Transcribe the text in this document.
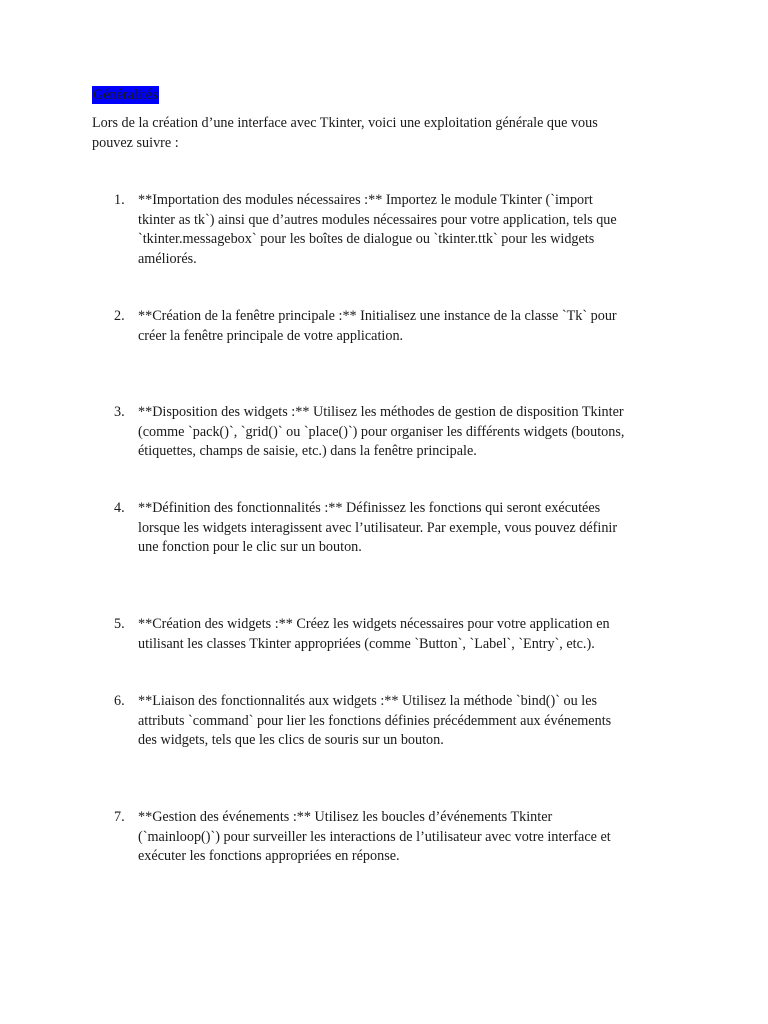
Généralités

Lors de la création d’une interface avec Tkinter, voici une exploitation générale que vous
pouvez suivre :

1. **Importation des modules nécessaires :** Importez le module Tkinter (`import
tkinter as tk`) ainsi que d’autres modules nécessaires pour votre application, tels que
`tkinter.messagebox` pour les boîtes de dialogue ou `tkinter.ttk` pour les widgets
améliorés.
2. **Création de la fenêtre principale :** Initialisez une instance de la classe `Tk` pour
créer la fenêtre principale de votre application.
3. **Disposition des widgets :** Utilisez les méthodes de gestion de disposition Tkinter
(comme `pack()`, `grid()` ou `place()`) pour organiser les différents widgets (boutons,
étiquettes, champs de saisie, etc.) dans la fenêtre principale.
4. **Définition des fonctionnalités :** Définissez les fonctions qui seront exécutées
lorsque les widgets interagissent avec l’utilisateur. Par exemple, vous pouvez définir
une fonction pour le clic sur un bouton.
5. **Création des widgets :** Créez les widgets nécessaires pour votre application en
utilisant les classes Tkinter appropriées (comme `Button`, `Label`, `Entry`, etc.).
6. **Liaison des fonctionnalités aux widgets :** Utilisez la méthode `bind()` ou les
attributs `command` pour lier les fonctions définies précédemment aux événements
des widgets, tels que les clics de souris sur un bouton.
7. **Gestion des événements :** Utilisez les boucles d’événements Tkinter
(`mainloop()`) pour surveiller les interactions de l’utilisateur avec votre interface et
exécuter les fonctions appropriées en réponse.
